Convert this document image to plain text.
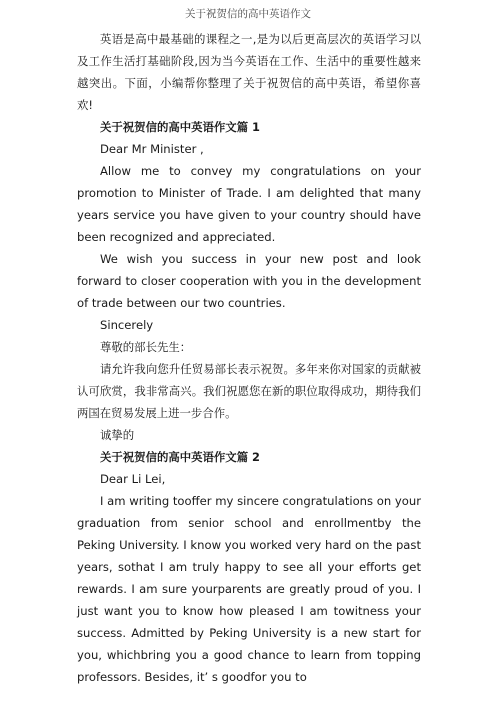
关于祝贺信的高中英语作文

英语是高中最基础的课程之一,是为以后更高层次的英语学习以及工作生活打基础阶段,因为当今英语在工作、生活中的重要性越来越突出。下面，小编帮你整理了关于祝贺信的高中英语，希望你喜欢!

关于祝贺信的高中英语作文篇 1

Dear Mr Minister ,

Allow me to convey my congratulations on your promotion to Minister of Trade. I am delighted that many years service you have given to your country should have been recognized and appreciated.

We wish you success in your new post and look forward to closer cooperation with you in the development of trade between our two countries.

Sincerely

尊敬的部长先生：

请允许我向您升任贸易部长表示祝贺。多年来你对国家的贡献被认可欣赏，我非常高兴。我们祝愿您在新的职位取得成功，期待我们两国在贸易发展上进一步合作。

诚挚的

关于祝贺信的高中英语作文篇 2

Dear Li Lei,

I am writing tooffer my sincere congratulations on your graduation from senior school and enrollmentby the Peking University. I know you worked very hard on the past years, sothat I am truly happy to see all your efforts get rewards. I am sure yourparents are greatly proud of you. I just want you to know how pleased I am towitness your success. Admitted by Peking University is a new start for you, whichbring you a good chance to learn from topping professors. Besides, it’ s goodfor you to
